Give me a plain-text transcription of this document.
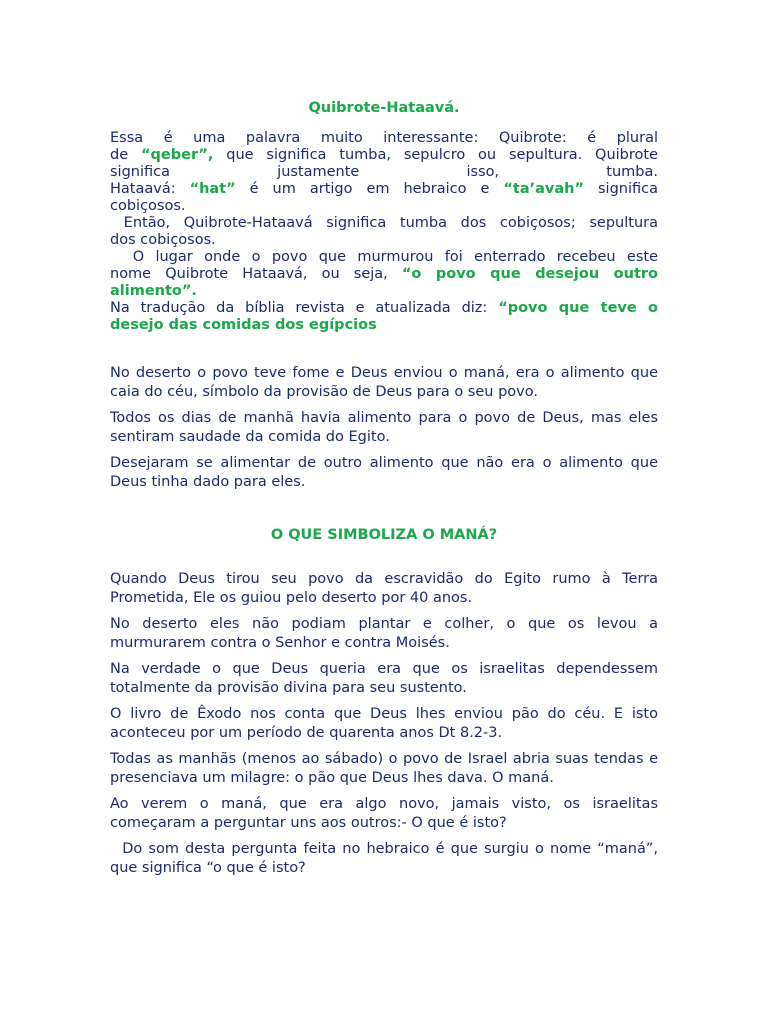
Quibrote-Hataavá.
Essa é uma palavra muito interessante: Quibrote: é plural
de “qeber”, que significa tumba, sepulcro ou sepultura. Quibrote
significa justamente isso, tumba.
Hataavá: “hat” é um artigo em hebraico e “ta’avah” significa
cobiçosos.
Então, Quibrote-Hataavá significa tumba dos cobiçosos; sepultura
dos cobiçosos.
O lugar onde o povo que murmurou foi enterrado recebeu este
nome Quibrote Hataavá, ou seja, “o povo que desejou outro
alimento”.
Na tradução da bíblia revista e atualizada diz: “povo que teve o
desejo das comidas dos egípcios

No deserto o povo teve fome e Deus enviou o maná, era o alimento que caia do céu, símbolo da provisão de Deus para o seu povo.

Todos os dias de manhã havia alimento para o povo de Deus, mas eles sentiram saudade da comida do Egito.

Desejaram se alimentar de outro alimento que não era o alimento que Deus tinha dado para eles.

O QUE SIMBOLIZA O MANÁ?

Quando Deus tirou seu povo da escravidão do Egito rumo à Terra Prometida, Ele os guiou pelo deserto por 40 anos.

No deserto eles não podiam plantar e colher, o que os levou a murmurarem contra o Senhor e contra Moisés.

Na verdade o que Deus queria era que os israelitas dependessem totalmente da provisão divina para seu sustento.

O livro de Êxodo nos conta que Deus lhes enviou pão do céu. E isto aconteceu por um período de quarenta anos Dt 8.2-3.

Todas as manhãs (menos ao sábado) o povo de Israel abria suas tendas e presenciava um milagre: o pão que Deus lhes dava. O maná.

Ao verem o maná, que era algo novo, jamais visto, os israelitas começaram a perguntar uns aos outros:- O que é isto?

Do som desta pergunta feita no hebraico é que surgiu o nome “maná”, que significa “o que é isto?
